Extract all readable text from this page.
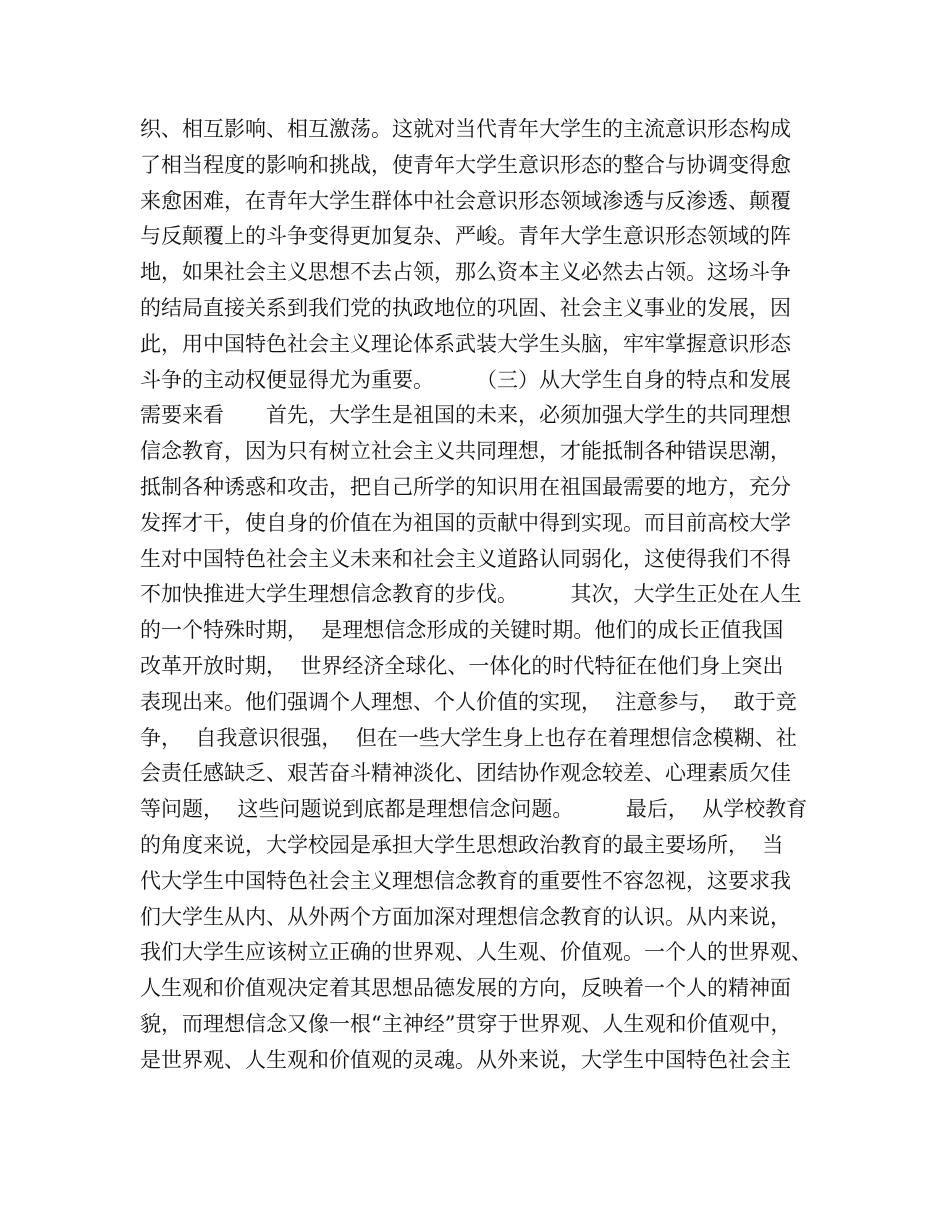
织、相互影响、相互激荡。这就对当代青年大学生的主流意识形态构成
了相当程度的影响和挑战，使青年大学生意识形态的整合与协调变得愈
来愈困难，在青年大学生群体中社会意识形态领域渗透与反渗透、颠覆
与反颠覆上的斗争变得更加复杂、严峻。青年大学生意识形态领域的阵
地，如果社会主义思想不去占领，那么资本主义必然去占领。这场斗争
的结局直接关系到我们党的执政地位的巩固、社会主义事业的发展，因
此，用中国特色社会主义理论体系武装大学生头脑，牢牢掌握意识形态
斗争的主动权便显得尤为重要。　　　（三）从大学生自身的特点和发展
需要来看　　首先，大学生是祖国的未来，必须加强大学生的共同理想
信念教育，因为只有树立社会主义共同理想，才能抵制各种错误思潮，
抵制各种诱惑和攻击，把自己所学的知识用在祖国最需要的地方，充分
发挥才干，使自身的价值在为祖国的贡献中得到实现。而目前高校大学
生对中国特色社会主义未来和社会主义道路认同弱化，这使得我们不得
不加快推进大学生理想信念教育的步伐。　　　其次，大学生正处在人生
的一个特殊时期，  是理想信念形成的关键时期。他们的成长正值我国
改革开放时期，  世界经济全球化、一体化的时代特征在他们身上突出
表现出来。他们强调个人理想、个人价值的实现，  注意参与，  敢于竞
争，  自我意识很强，  但在一些大学生身上也存在着理想信念模糊、社
会责任感缺乏、艰苦奋斗精神淡化、团结协作观念较差、心理素质欠佳
等问题，  这些问题说到底都是理想信念问题。　　　最后，  从学校教育
的角度来说，大学校园是承担大学生思想政治教育的最主要场所，  当
代大学生中国特色社会主义理想信念教育的重要性不容忽视，这要求我
们大学生从内、从外两个方面加深对理想信念教育的认识。从内来说，
我们大学生应该树立正确的世界观、人生观、价值观。一个人的世界观、
人生观和价值观决定着其思想品德发展的方向，反映着一个人的精神面
貌，而理想信念又像一根“主神经”贯穿于世界观、人生观和价值观中，
是世界观、人生观和价值观的灵魂。从外来说，大学生中国特色社会主
